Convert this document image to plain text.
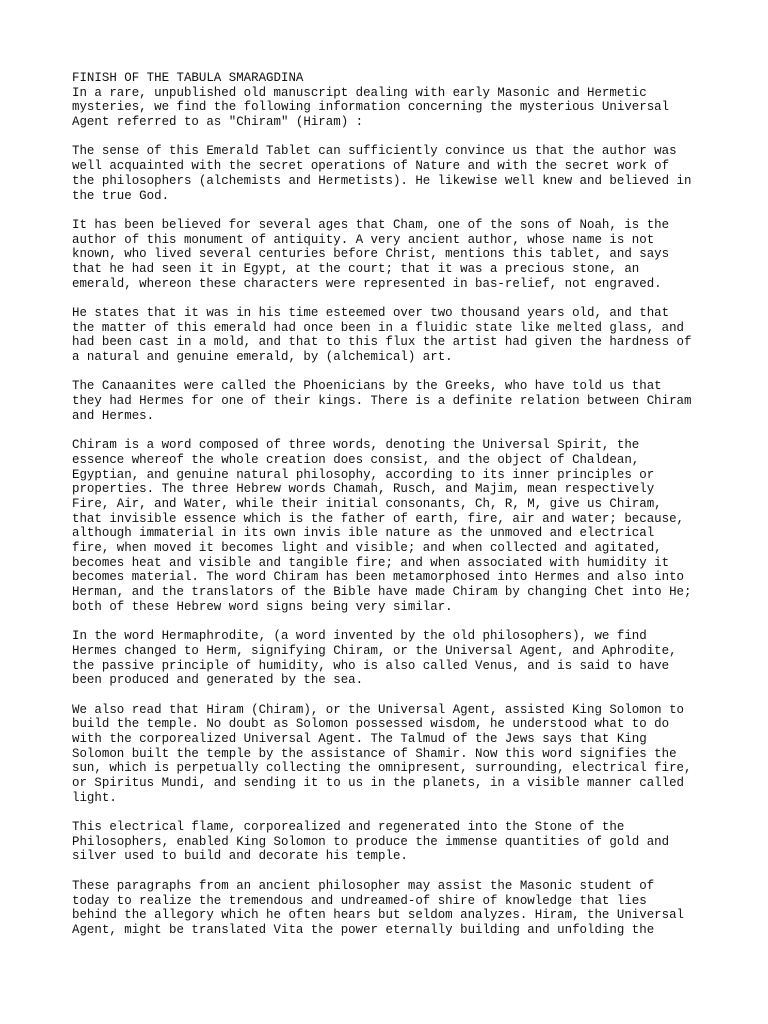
FINISH OF THE TABULA SMARAGDINA
In a rare, unpublished old manuscript dealing with early Masonic and Hermetic
mysteries, we find the following information concerning the mysterious Universal
Agent referred to as "Chiram" (Hiram) :
The sense of this Emerald Tablet can sufficiently convince us that the author was
well acquainted with the secret operations of Nature and with the secret work of
the philosophers (alchemists and Hermetists). He likewise well knew and believed in
the true God.
It has been believed for several ages that Cham, one of the sons of Noah, is the
author of this monument of antiquity. A very ancient author, whose name is not
known, who lived several centuries before Christ, mentions this tablet, and says
that he had seen it in Egypt, at the court; that it was a precious stone, an
emerald, whereon these characters were represented in bas-relief, not engraved.
He states that it was in his time esteemed over two thousand years old, and that
the matter of this emerald had once been in a fluidic state like melted glass, and
had been cast in a mold, and that to this flux the artist had given the hardness of
a natural and genuine emerald, by (alchemical) art.
The Canaanites were called the Phoenicians by the Greeks, who have told us that
they had Hermes for one of their kings. There is a definite relation between Chiram
and Hermes.
Chiram is a word composed of three words, denoting the Universal Spirit, the
essence whereof the whole creation does consist, and the object of Chaldean,
Egyptian, and genuine natural philosophy, according to its inner principles or
properties. The three Hebrew words Chamah, Rusch, and Majim, mean respectively
Fire, Air, and Water, while their initial consonants, Ch, R, M, give us Chiram,
that invisible essence which is the father of earth, fire, air and water; because,
although immaterial in its own invis ible nature as the unmoved and electrical
fire, when moved it becomes light and visible; and when collected and agitated,
becomes heat and visible and tangible fire; and when associated with humidity it
becomes material. The word Chiram has been metamorphosed into Hermes and also into
Herman, and the translators of the Bible have made Chiram by changing Chet into He;
both of these Hebrew word signs being very similar.
In the word Hermaphrodite, (a word invented by the old philosophers), we find
Hermes changed to Herm, signifying Chiram, or the Universal Agent, and Aphrodite,
the passive principle of humidity, who is also called Venus, and is said to have
been produced and generated by the sea.
We also read that Hiram (Chiram), or the Universal Agent, assisted King Solomon to
build the temple. No doubt as Solomon possessed wisdom, he understood what to do
with the corporealized Universal Agent. The Talmud of the Jews says that King
Solomon built the temple by the assistance of Shamir. Now this word signifies the
sun, which is perpetually collecting the omnipresent, surrounding, electrical fire,
or Spiritus Mundi, and sending it to us in the planets, in a visible manner called
light.
This electrical flame, corporealized and regenerated into the Stone of the
Philosophers, enabled King Solomon to produce the immense quantities of gold and
silver used to build and decorate his temple.
These paragraphs from an ancient philosopher may assist the Masonic student of
today to realize the tremendous and undreamed-of shire of knowledge that lies
behind the allegory which he often hears but seldom analyzes. Hiram, the Universal
Agent, might be translated Vita the power eternally building and unfolding the
